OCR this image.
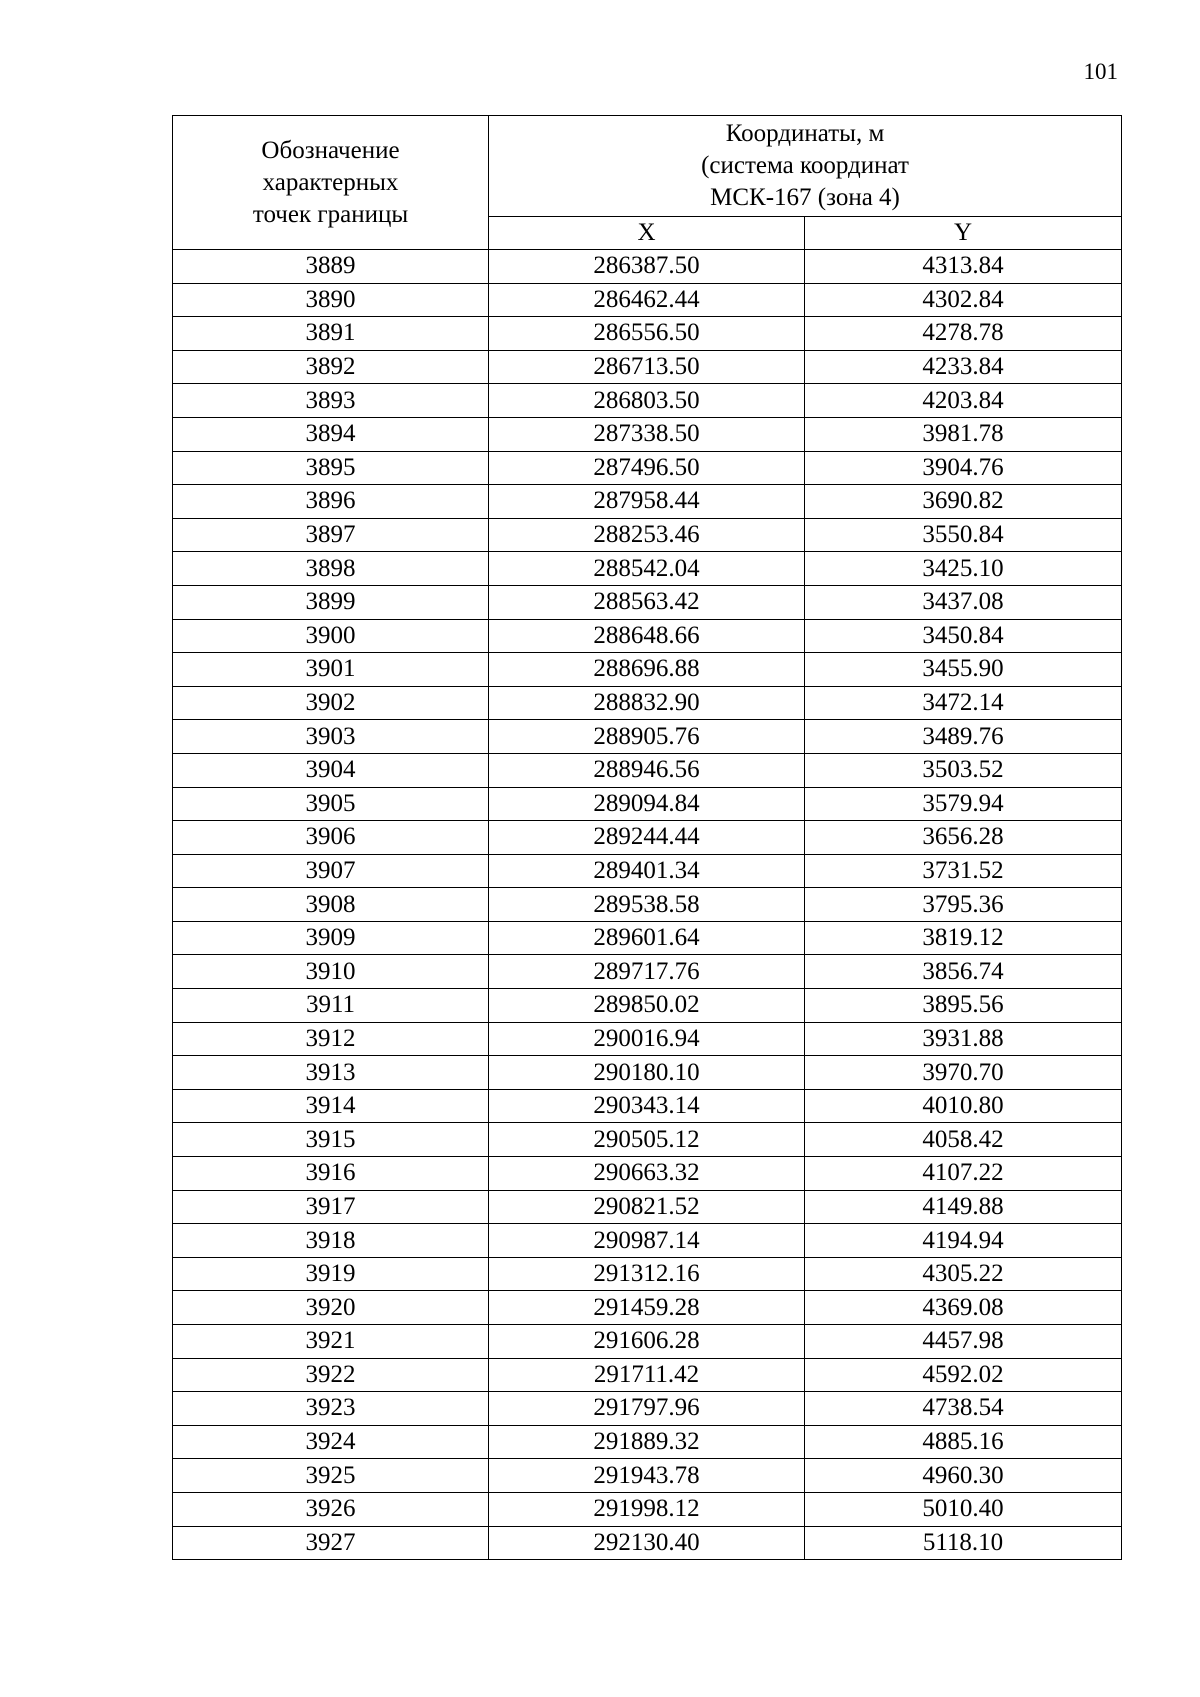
101
Обозначение
характерных
точек границы	Координаты, м
(система координат
МСК-167 (зона 4)	

	X	Y
3889	286387.50	4313.84
3890	286462.44	4302.84
3891	286556.50	4278.78
3892	286713.50	4233.84
3893	286803.50	4203.84
3894	287338.50	3981.78
3895	287496.50	3904.76
3896	287958.44	3690.82
3897	288253.46	3550.84
3898	288542.04	3425.10
3899	288563.42	3437.08
3900	288648.66	3450.84
3901	288696.88	3455.90
3902	288832.90	3472.14
3903	288905.76	3489.76
3904	288946.56	3503.52
3905	289094.84	3579.94
3906	289244.44	3656.28
3907	289401.34	3731.52
3908	289538.58	3795.36
3909	289601.64	3819.12
3910	289717.76	3856.74
3911	289850.02	3895.56
3912	290016.94	3931.88
3913	290180.10	3970.70
3914	290343.14	4010.80
3915	290505.12	4058.42
3916	290663.32	4107.22
3917	290821.52	4149.88
3918	290987.14	4194.94
3919	291312.16	4305.22
3920	291459.28	4369.08
3921	291606.28	4457.98
3922	291711.42	4592.02
3923	291797.96	4738.54
3924	291889.32	4885.16
3925	291943.78	4960.30
3926	291998.12	5010.40
3927	292130.40	5118.10
